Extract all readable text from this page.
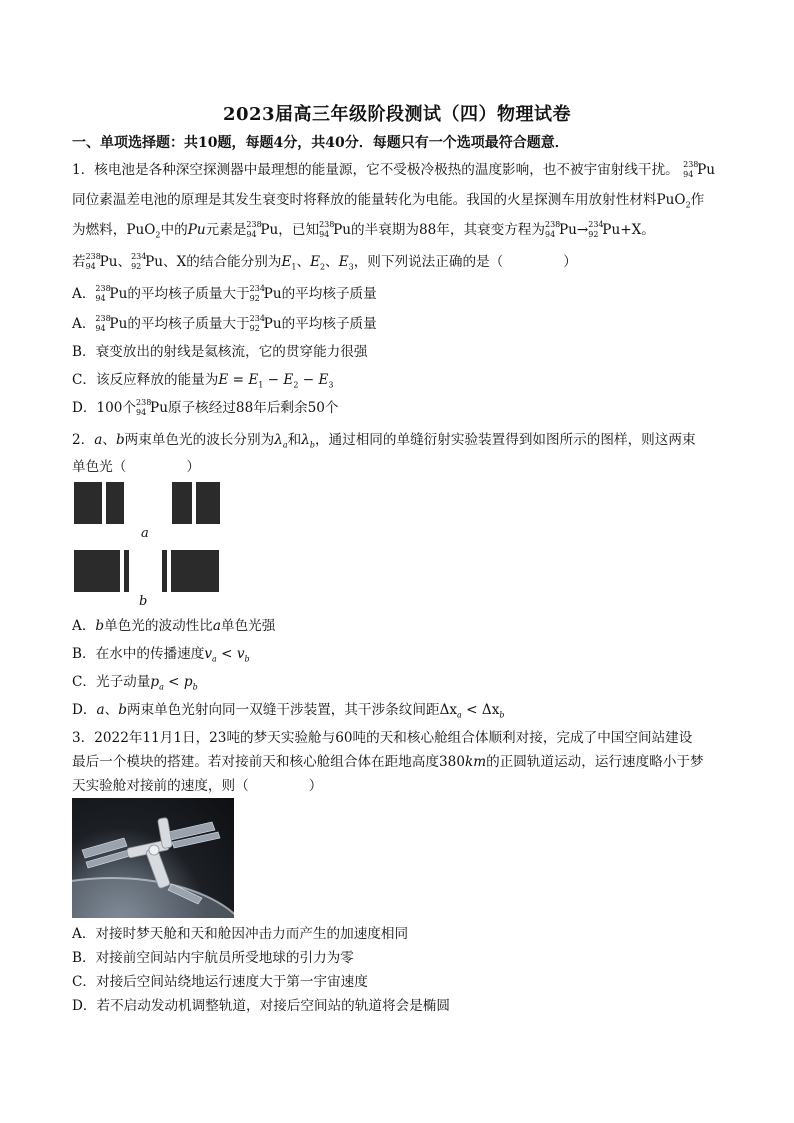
2023届高三年级阶段测试（四）物理试卷
一、单项选择题：共10题，每题4分，共40分．每题只有一个选项最符合题意．
1．核电池是各种深空探测器中最理想的能量源，它不受极冷极热的温度影响，也不被宇宙射线干扰。 238
94 Pu
同位素温差电池的原理是其发生衰变时将释放的能量转化为电能。我国的火星探测车用放射性材料PuO$_2$作
为燃料，PuO$_2$中的Pu元素是 238
94 Pu，已知 238
94 Pu的半衰期为88年，其衰变方程为 238
94 Pu→ 234
92 Pu+X。
若 238
94 Pu、 234
92 Pu、X的结合能分别为$E_1$、$E_2$、$E_3$，则下列说法正确的是（	）
A． 238
94 Pu的平均核子质量大于 234
92 Pu的平均核子质量
A． 238
94 Pu的平均核子质量大于 234
92 Pu的平均核子质量
B．衰变放出的射线是氦核流，它的贯穿能力很强
C．该反应释放的能量为$E = E_1 - E_2 - E_3$
D．100个 238
94 Pu原子核经过88年后剩余50个
2．a、b两束单色光的波长分别为$\lambda_a$和$\lambda_b$，通过相同的单缝衍射实验装置得到如图所示的图样，则这两束
单色光（	）
a
b
A．b单色光的波动性比a单色光强
B．在水中的传播速度$v_a < v_b$
C．光子动量$p_a < p_b$
D．a、b两束单色光射向同一双缝干涉装置，其干涉条纹间距$\Delta x_a < \Delta x_b$
3．2022年11月1日，23吨的梦天实验舱与60吨的天和核心舱组合体顺利对接，完成了中国空间站建设
最后一个模块的搭建。若对接前天和核心舱组合体在距地高度380km的正圆轨道运动，运行速度略小于梦
天实验舱对接前的速度，则（	）
A．对接时梦天舱和天和舱因冲击力而产生的加速度相同
B．对接前空间站内宇航员所受地球的引力为零
C．对接后空间站绕地运行速度大于第一宇宙速度
D．若不启动发动机调整轨道，对接后空间站的轨道将会是椭圆
